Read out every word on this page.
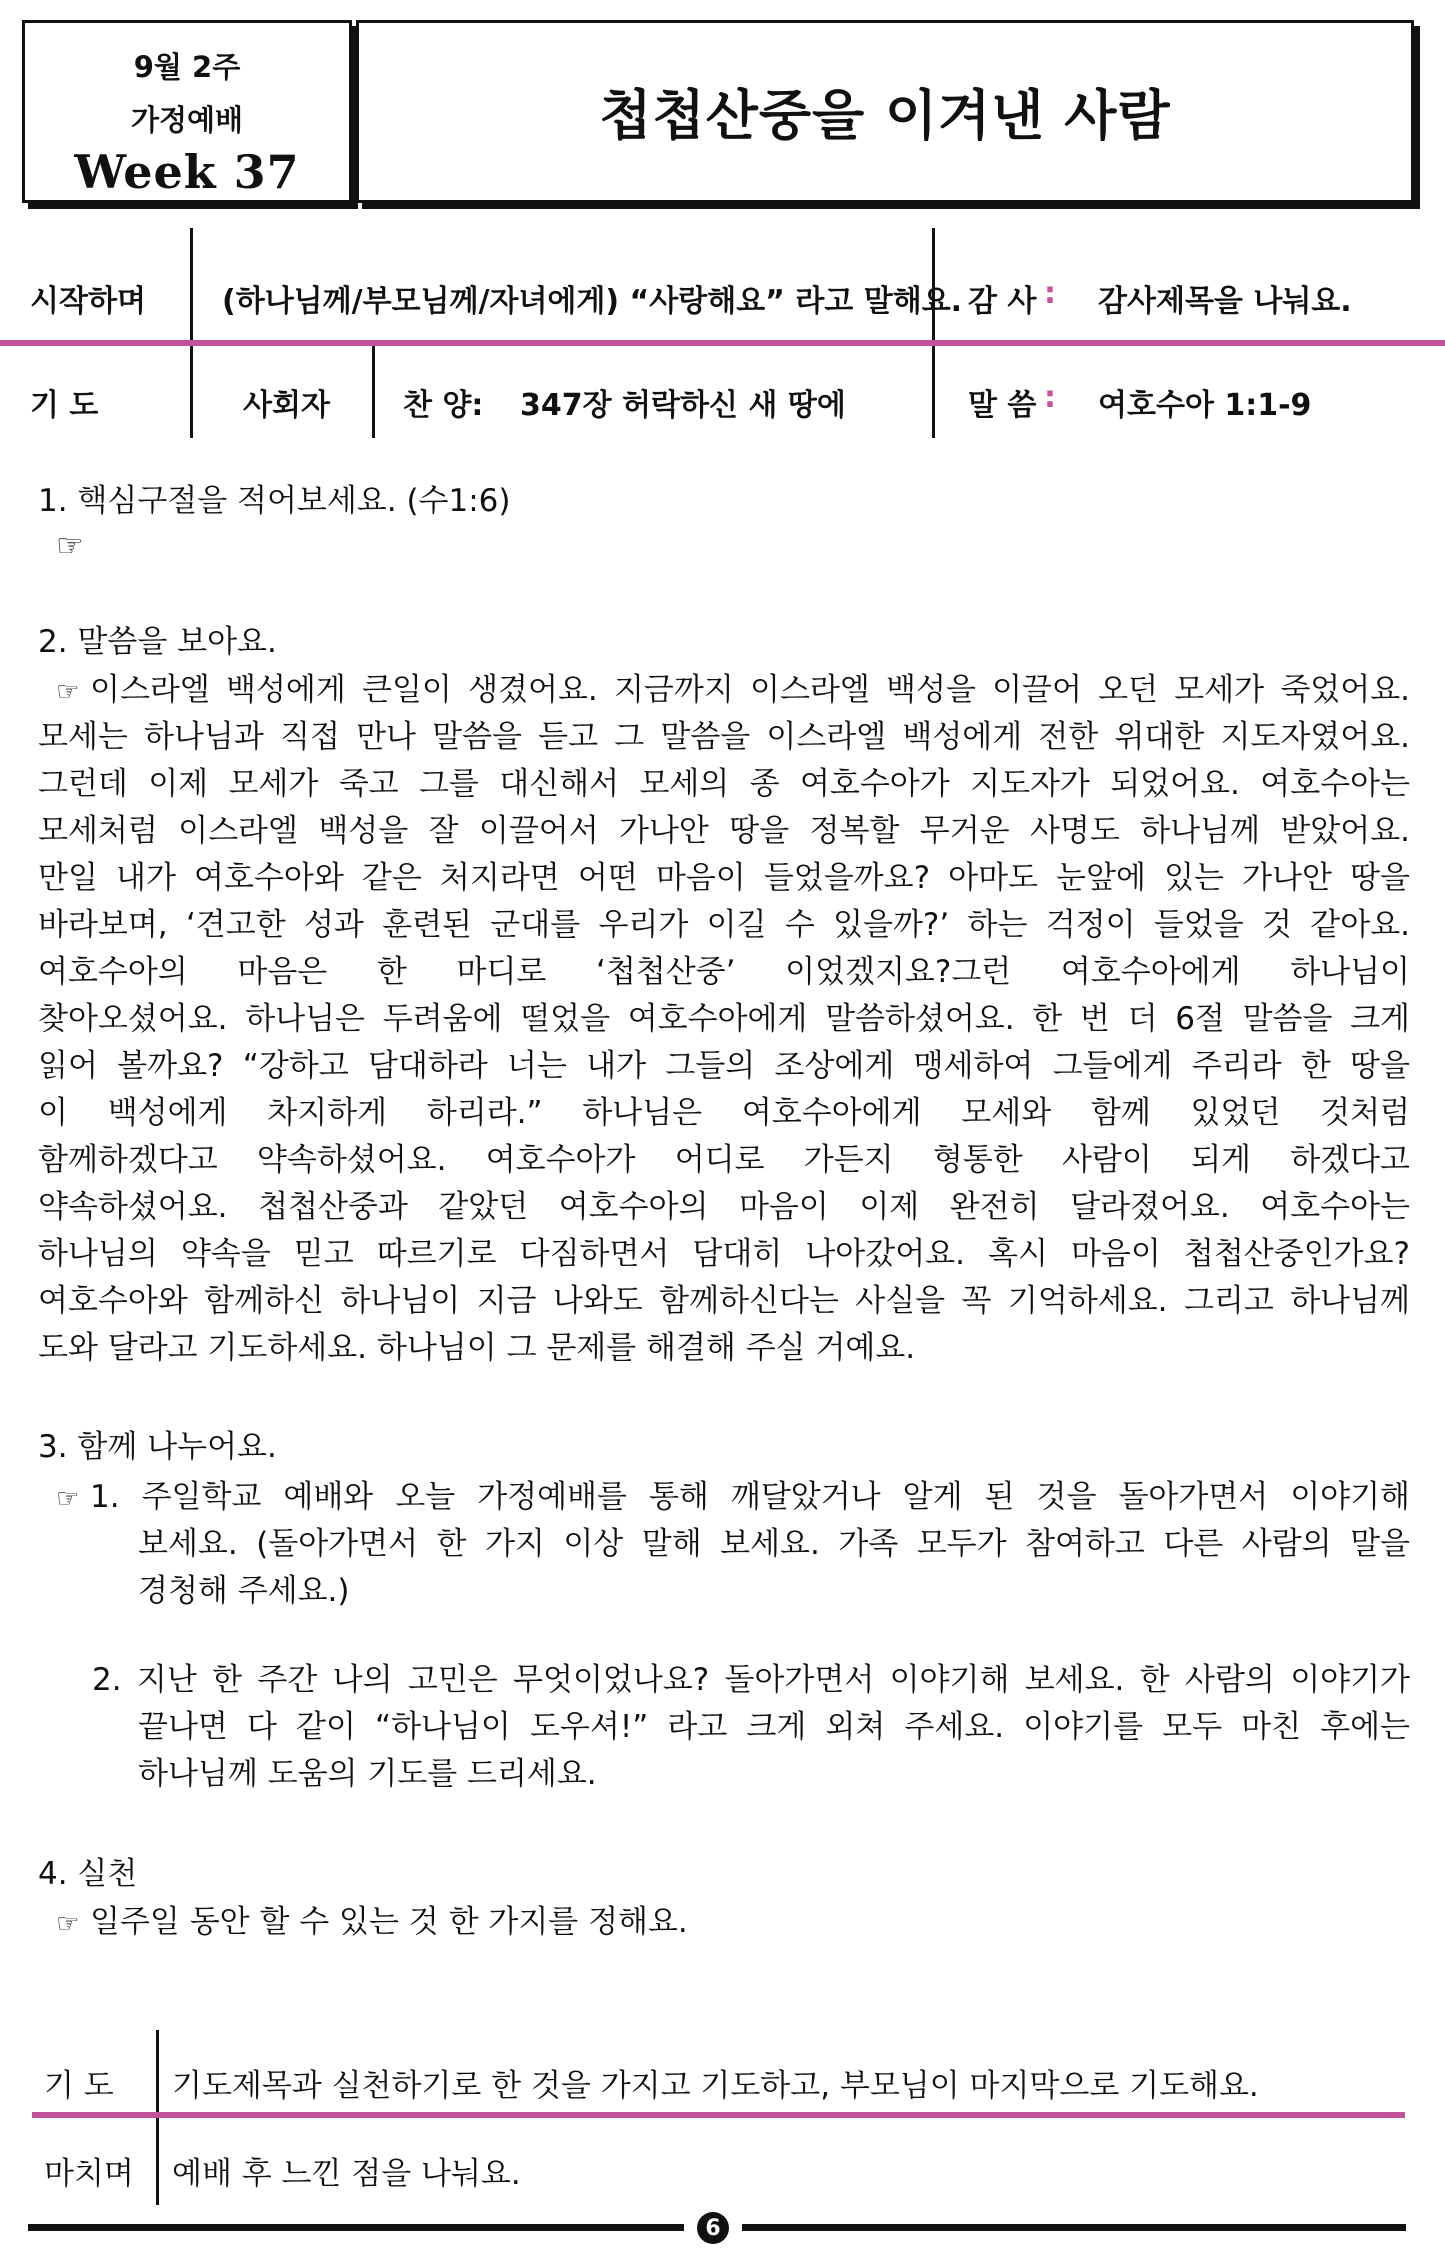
9월 2주
가정예배
Week 37
첩첩산중을 이겨낸 사람
시작하며	(하나님께/부모님께/자녀에게) “사랑해요” 라고 말해요. 감 사 : 감사제목을 나눠요.
기 도	사회자 찬 양: 347장 허락하신 새 땅에	말 씀 : 여호수아 1:1-9
1. 핵심구절을 적어보세요. (수1:6)
☞
2. 말씀을 보아요.
☞ 이스라엘 백성에게 큰일이 생겼어요. 지금까지 이스라엘 백성을 이끌어 오던 모세가 죽었어요.
모세는 하나님과 직접 만나 말씀을 듣고 그 말씀을 이스라엘 백성에게 전한 위대한 지도자였어요.
그런데 이제 모세가 죽고 그를 대신해서 모세의 종 여호수아가 지도자가 되었어요. 여호수아는
모세처럼 이스라엘 백성을 잘 이끌어서 가나안 땅을 정복할 무거운 사명도 하나님께 받았어요.
만일 내가 여호수아와 같은 처지라면 어떤 마음이 들었을까요? 아마도 눈앞에 있는 가나안 땅을
바라보며, ‘견고한 성과 훈련된 군대를 우리가 이길 수 있을까?’ 하는 걱정이 들었을 것 같아요.
여호수아의 마음은 한 마디로 ‘첩첩산중’ 이었겠지요?그런 여호수아에게 하나님이
찾아오셨어요. 하나님은 두려움에 떨었을 여호수아에게 말씀하셨어요. 한 번 더 6절 말씀을 크게
읽어 볼까요? “강하고 담대하라 너는 내가 그들의 조상에게 맹세하여 그들에게 주리라 한 땅을
이 백성에게 차지하게 하리라.” 하나님은 여호수아에게 모세와 함께 있었던 것처럼
함께하겠다고 약속하셨어요. 여호수아가 어디로 가든지 형통한 사람이 되게 하겠다고
약속하셨어요. 첩첩산중과 같았던 여호수아의 마음이 이제 완전히 달라졌어요. 여호수아는
하나님의 약속을 믿고 따르기로 다짐하면서 담대히 나아갔어요. 혹시 마음이 첩첩산중인가요?
여호수아와 함께하신 하나님이 지금 나와도 함께하신다는 사실을 꼭 기억하세요. 그리고 하나님께
도와 달라고 기도하세요. 하나님이 그 문제를 해결해 주실 거예요.
3. 함께 나누어요.
☞ 1. 주일학교 예배와 오늘 가정예배를 통해 깨달았거나 알게 된 것을 돌아가면서 이야기해
보세요. (돌아가면서 한 가지 이상 말해 보세요. 가족 모두가 참여하고 다른 사람의 말을
경청해 주세요.)
2. 지난 한 주간 나의 고민은 무엇이었나요? 돌아가면서 이야기해 보세요. 한 사람의 이야기가
끝나면 다 같이 “하나님이 도우셔!” 라고 크게 외쳐 주세요. 이야기를 모두 마친 후에는
하나님께 도움의 기도를 드리세요.
4. 실천
☞ 일주일 동안 할 수 있는 것 한 가지를 정해요.
기 도 기도제목과 실천하기로 한 것을 가지고 기도하고, 부모님이 마지막으로 기도해요.
마치며 예배 후 느낀 점을 나눠요.
6
